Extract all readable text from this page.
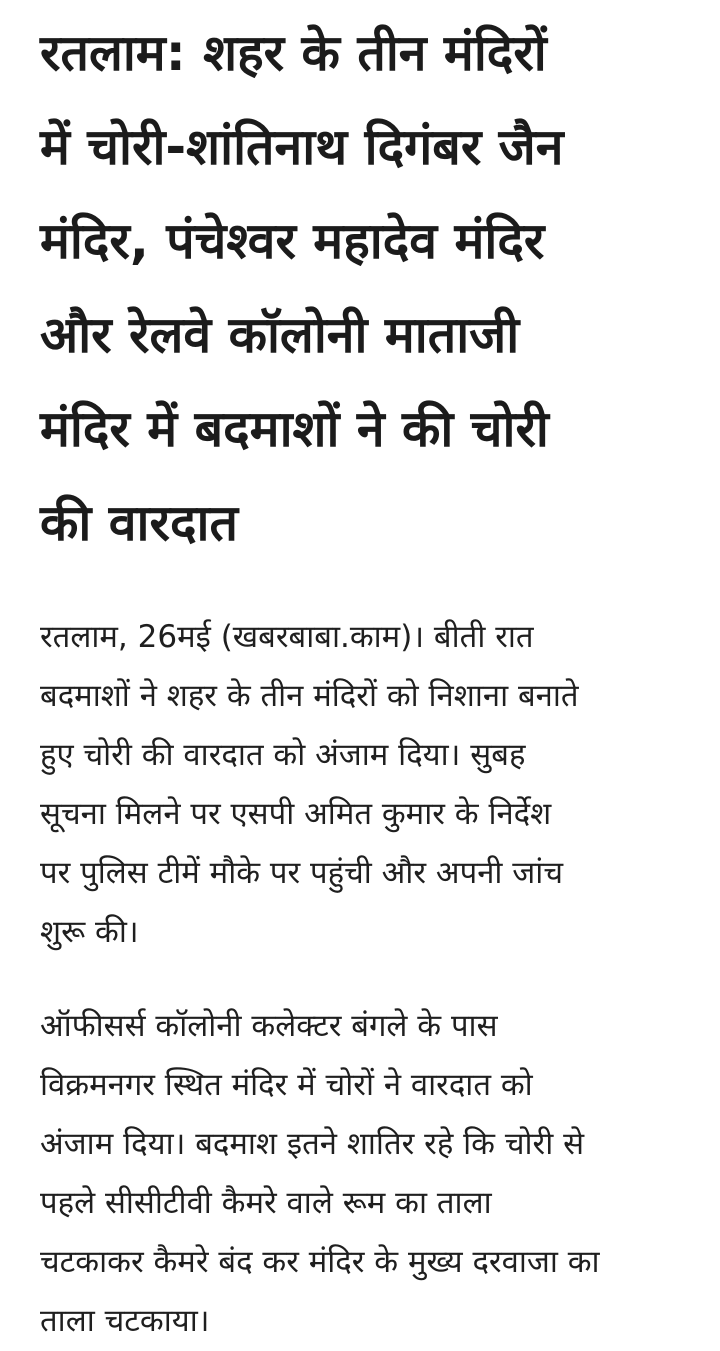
रतलाम: शहर के तीन मंदिरों
में चोरी-शांतिनाथ दिगंबर जैन
मंदिर, पंचेश्वर महादेव मंदिर
और रेलवे कॉलोनी माताजी
मंदिर में बदमाशों ने की चोरी
की वारदात

रतलाम, 26मई (खबरबाबा.काम)। बीती रात
बदमाशों ने शहर के तीन मंदिरों को निशाना बनाते
हुए चोरी की वारदात को अंजाम दिया। सुबह
सूचना मिलने पर एसपी अमित कुमार के निर्देश
पर पुलिस टीमें मौके पर पहुंची और अपनी जांच
शुरू की।

ऑफीसर्स कॉलोनी कलेक्टर बंगले के पास
विक्रमनगर स्थित मंदिर में चोरों ने वारदात को
अंजाम दिया। बदमाश इतने शातिर रहे कि चोरी से
पहले सीसीटीवी कैमरे वाले रूम का ताला
चटकाकर कैमरे बंद कर मंदिर के मुख्य दरवाजा का
ताला चटकाया।
